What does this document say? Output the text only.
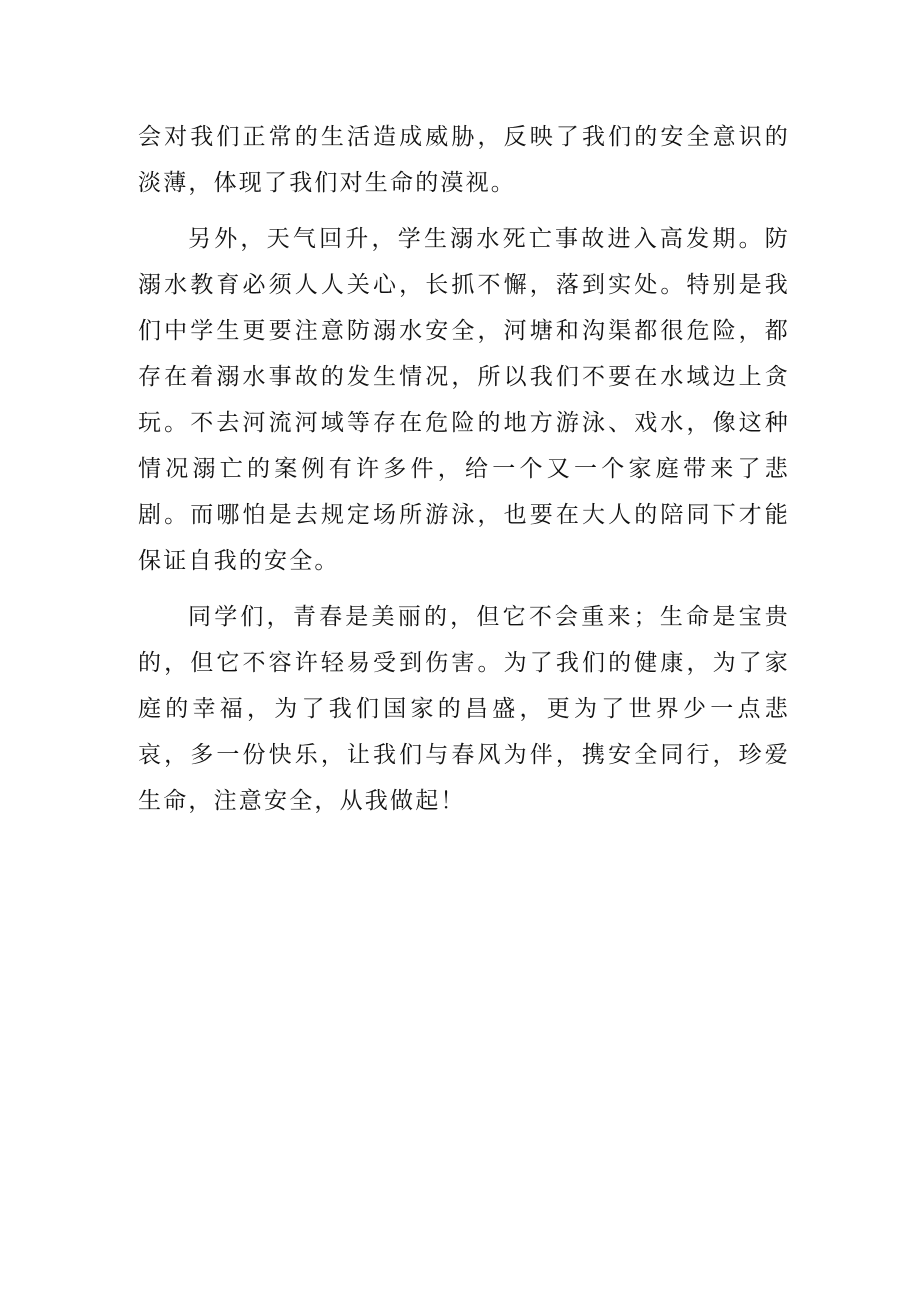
会对我们正常的生活造成威胁，反映了我们的安全意识的淡薄，体现了我们对生命的漠视。

另外，天气回升，学生溺水死亡事故进入高发期。防溺水教育必须人人关心，长抓不懈，落到实处。特别是我们中学生更要注意防溺水安全，河塘和沟渠都很危险，都存在着溺水事故的发生情况，所以我们不要在水域边上贪玩。不去河流河域等存在危险的地方游泳、戏水，像这种情况溺亡的案例有许多件，给一个又一个家庭带来了悲剧。而哪怕是去规定场所游泳，也要在大人的陪同下才能保证自我的安全。

同学们，青春是美丽的，但它不会重来；生命是宝贵的，但它不容许轻易受到伤害。为了我们的健康，为了家庭的幸福，为了我们国家的昌盛，更为了世界少一点悲哀，多一份快乐，让我们与春风为伴，携安全同行，珍爱生命，注意安全，从我做起！
